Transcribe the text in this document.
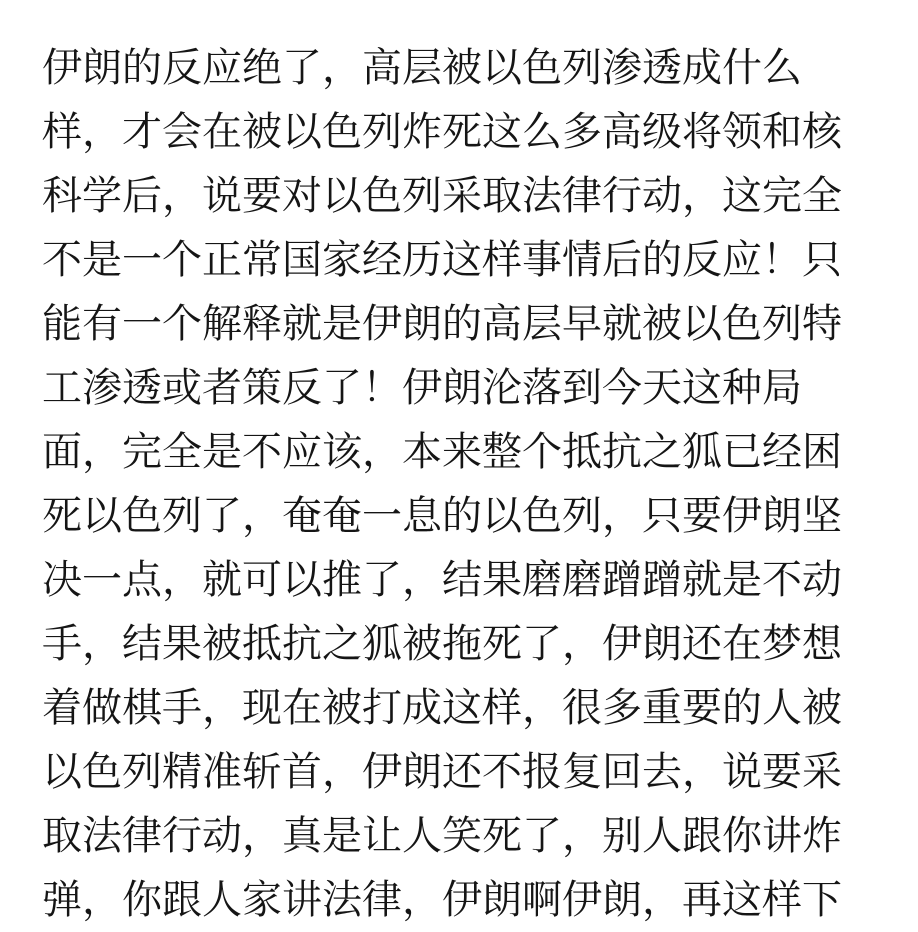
伊朗的反应绝了，高层被以色列渗透成什么
样，才会在被以色列炸死这么多高级将领和核
科学后，说要对以色列采取法律行动，这完全
不是一个正常国家经历这样事情后的反应！只
能有一个解释就是伊朗的高层早就被以色列特
工渗透或者策反了！伊朗沦落到今天这种局
面，完全是不应该，本来整个抵抗之狐已经困
死以色列了，奄奄一息的以色列，只要伊朗坚
决一点，就可以推了，结果磨磨蹭蹭就是不动
手，结果被抵抗之狐被拖死了，伊朗还在梦想
着做棋手，现在被打成这样，很多重要的人被
以色列精准斩首，伊朗还不报复回去，说要采
取法律行动，真是让人笑死了，别人跟你讲炸
弹，你跟人家讲法律，伊朗啊伊朗，再这样下
